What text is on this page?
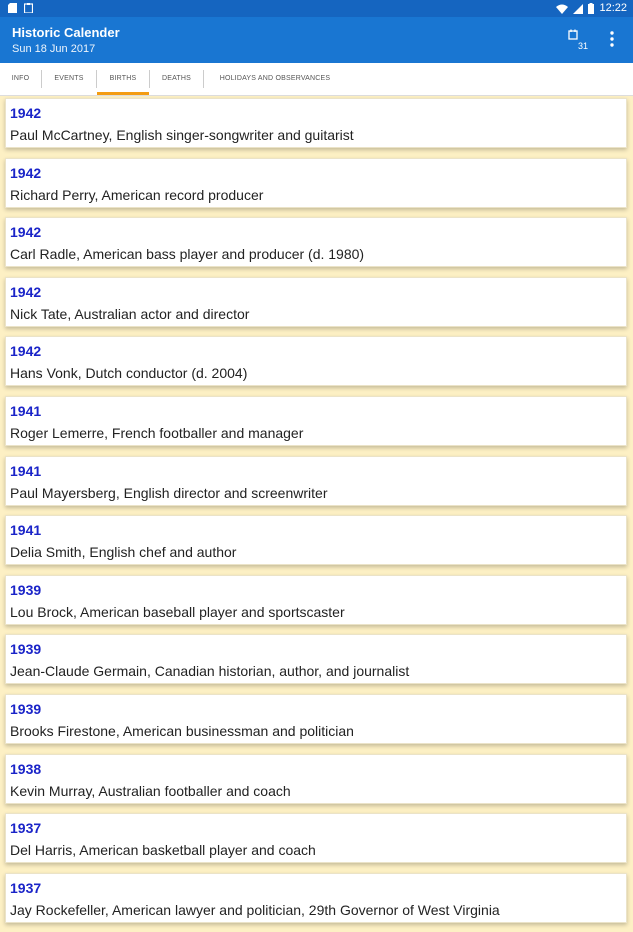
12:22
Historic Calender
Sun 18 Jun 2017	31
INFO	EVENTS	BIRTHS	DEATHS	HOLIDAYS AND OBSERVANCES
1942
Paul McCartney, English singer-songwriter and guitarist
1942
Richard Perry, American record producer
1942
Carl Radle, American bass player and producer (d. 1980)
1942
Nick Tate, Australian actor and director
1942
Hans Vonk, Dutch conductor (d. 2004)
1941
Roger Lemerre, French footballer and manager
1941
Paul Mayersberg, English director and screenwriter
1941
Delia Smith, English chef and author
1939
Lou Brock, American baseball player and sportscaster
1939
Jean-Claude Germain, Canadian historian, author, and journalist
1939
Brooks Firestone, American businessman and politician
1938
Kevin Murray, Australian footballer and coach
1937
Del Harris, American basketball player and coach
1937
Jay Rockefeller, American lawyer and politician, 29th Governor of West Virginia
